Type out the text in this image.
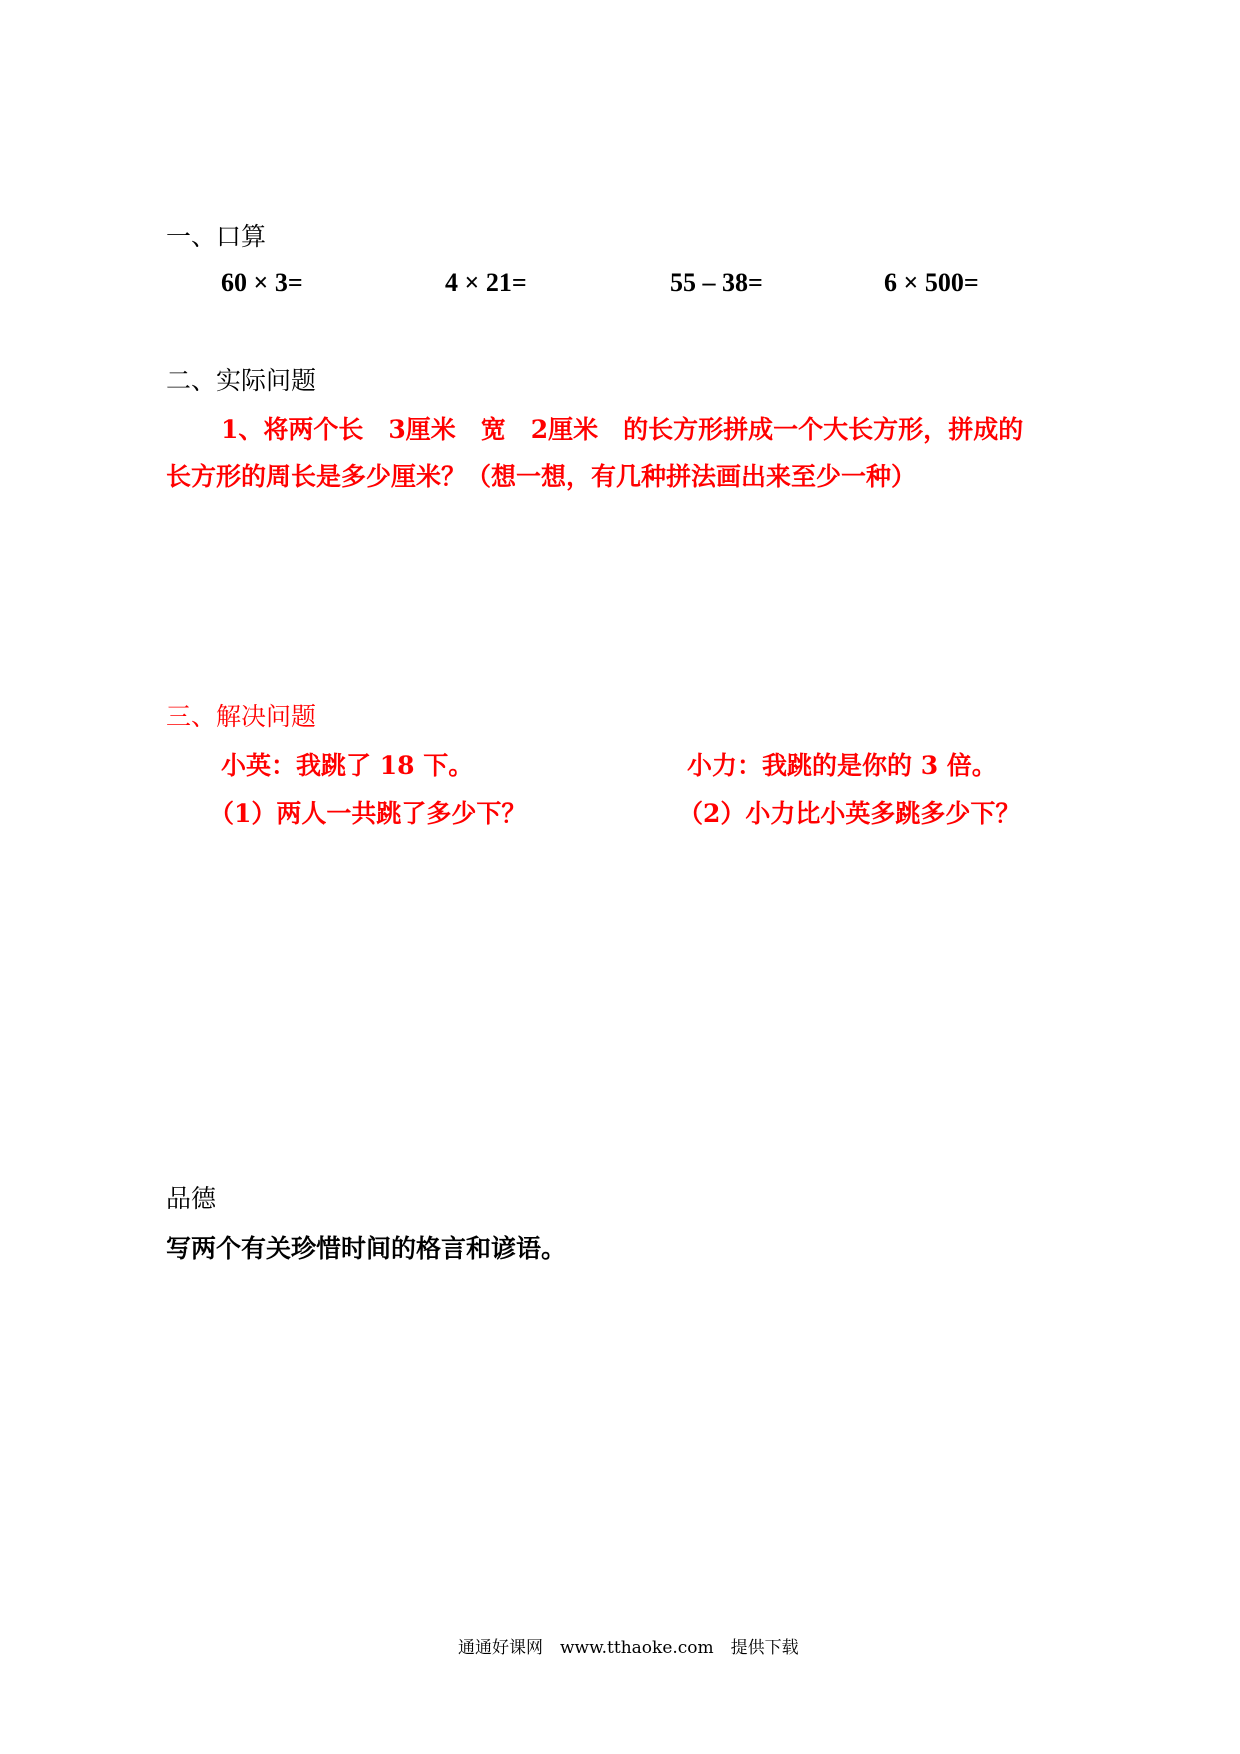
一、口算
60 × 3=	4 × 21=	55 – 38=	6 × 500=
二、实际问题
1、将两个长　3厘米　宽　2厘米　的长方形拼成一个大长方形，拼成的
长方形的周长是多少厘米？（想一想，有几种拼法画出来至少一种）
三、解决问题
小英：我跳了 18 下。	小力：我跳的是你的 3 倍。
（1）两人一共跳了多少下？	（2）小力比小英多跳多少下？
品德
写两个有关珍惜时间的格言和谚语。
通通好课网　www.tthaoke.com　提供下载
